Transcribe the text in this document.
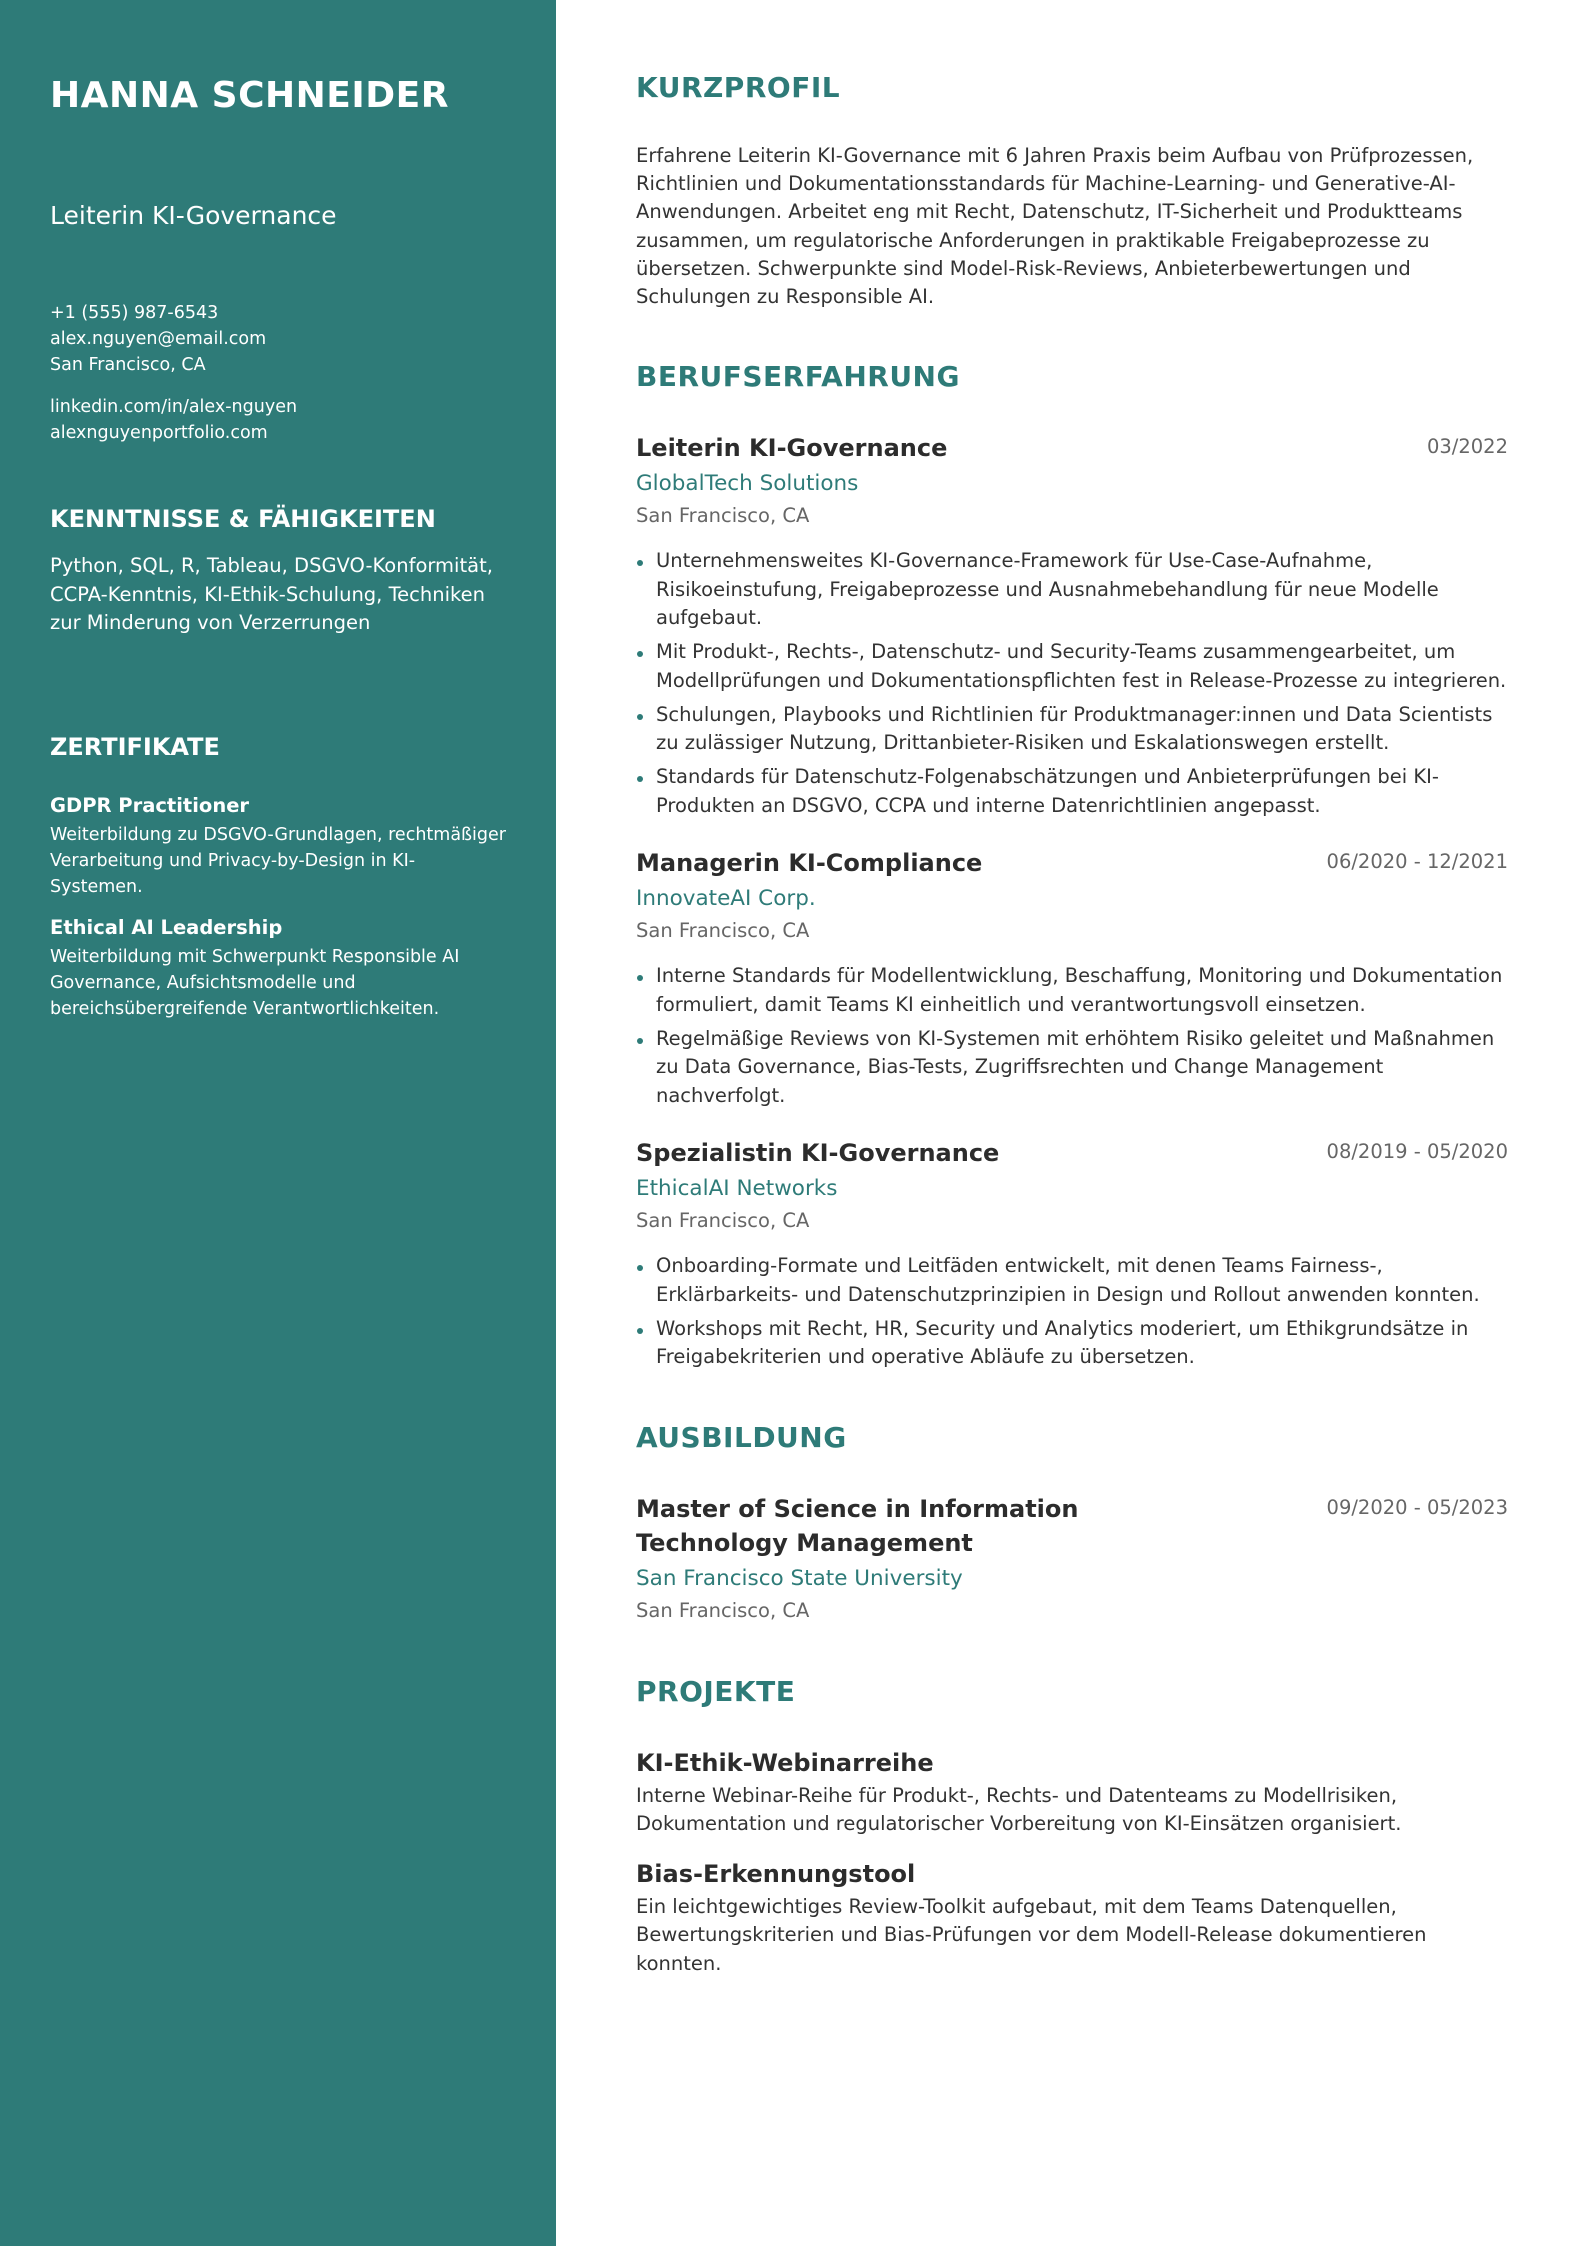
HANNA SCHNEIDER
Leiterin KI-Governance
+1 (555) 987-6543
alex.nguyen@email.com
San Francisco, CA
linkedin.com/in/alex-nguyen
alexnguyenportfolio.com
KENNTNISSE & FÄHIGKEITEN

Python, SQL, R, Tableau, DSGVO-Konformität, CCPA-Kenntnis, KI-Ethik-Schulung, Techniken zur Minderung von Verzerrungen

ZERTIFIKATE
GDPR Practitioner
Weiterbildung zu DSGVO-Grundlagen, rechtmäßiger Verarbeitung und Privacy-by-Design in KI-Systemen.
Ethical AI Leadership
Weiterbildung mit Schwerpunkt Responsible AI Governance, Aufsichtsmodelle und bereichsübergreifende Verantwortlichkeiten.
KURZPROFIL

Erfahrene Leiterin KI-Governance mit 6 Jahren Praxis beim Aufbau von Prüfprozessen, Richtlinien und Dokumentationsstandards für Machine-Learning- und Generative-AI-Anwendungen. Arbeitet eng mit Recht, Datenschutz, IT-Sicherheit und Produktteams zusammen, um regulatorische Anforderungen in praktikable Freigabeprozesse zu übersetzen. Schwerpunkte sind Model-Risk-Reviews, Anbieterbewertungen und Schulungen zu Responsible AI.

BERUFSERFAHRUNG
Leiterin KI-Governance	03/2022
GlobalTech Solutions
San Francisco, CA
Unternehmensweites KI-Governance-Framework für Use-Case-Aufnahme, Risikoeinstufung, Freigabeprozesse und Ausnahmebehandlung für neue Modelle aufgebaut.
Mit Produkt-, Rechts-, Datenschutz- und Security-Teams zusammengearbeitet, um Modellprüfungen und Dokumentationspflichten fest in Release-Prozesse zu integrieren.
Schulungen, Playbooks und Richtlinien für Produktmanager:innen und Data Scientists zu zulässiger Nutzung, Drittanbieter-Risiken und Eskalationswegen erstellt.
Standards für Datenschutz-Folgenabschätzungen und Anbieterprüfungen bei KI-Produkten an DSGVO, CCPA und interne Datenrichtlinien angepasst.
Managerin KI-Compliance	06/2020 - 12/2021
InnovateAI Corp.
San Francisco, CA
Interne Standards für Modellentwicklung, Beschaffung, Monitoring und Dokumentation formuliert, damit Teams KI einheitlich und verantwortungsvoll einsetzen.
Regelmäßige Reviews von KI-Systemen mit erhöhtem Risiko geleitet und Maßnahmen zu Data Governance, Bias-Tests, Zugriffsrechten und Change Management nachverfolgt.
Spezialistin KI-Governance	08/2019 - 05/2020
EthicalAI Networks
San Francisco, CA
Onboarding-Formate und Leitfäden entwickelt, mit denen Teams Fairness-, Erklärbarkeits- und Datenschutzprinzipien in Design und Rollout anwenden konnten.
Workshops mit Recht, HR, Security und Analytics moderiert, um Ethikgrundsätze in Freigabekriterien und operative Abläufe zu übersetzen.
AUSBILDUNG
Master of Science in Information Technology Management
09/2020 - 05/2023
San Francisco State University
San Francisco, CA
PROJEKTE
KI-Ethik-Webinarreihe
Interne Webinar-Reihe für Produkt-, Rechts- und Datenteams zu Modellrisiken, Dokumentation und regulatorischer Vorbereitung von KI-Einsätzen organisiert.
Bias-Erkennungstool
Ein leichtgewichtiges Review-Toolkit aufgebaut, mit dem Teams Datenquellen, Bewertungskriterien und Bias-Prüfungen vor dem Modell-Release dokumentieren konnten.
